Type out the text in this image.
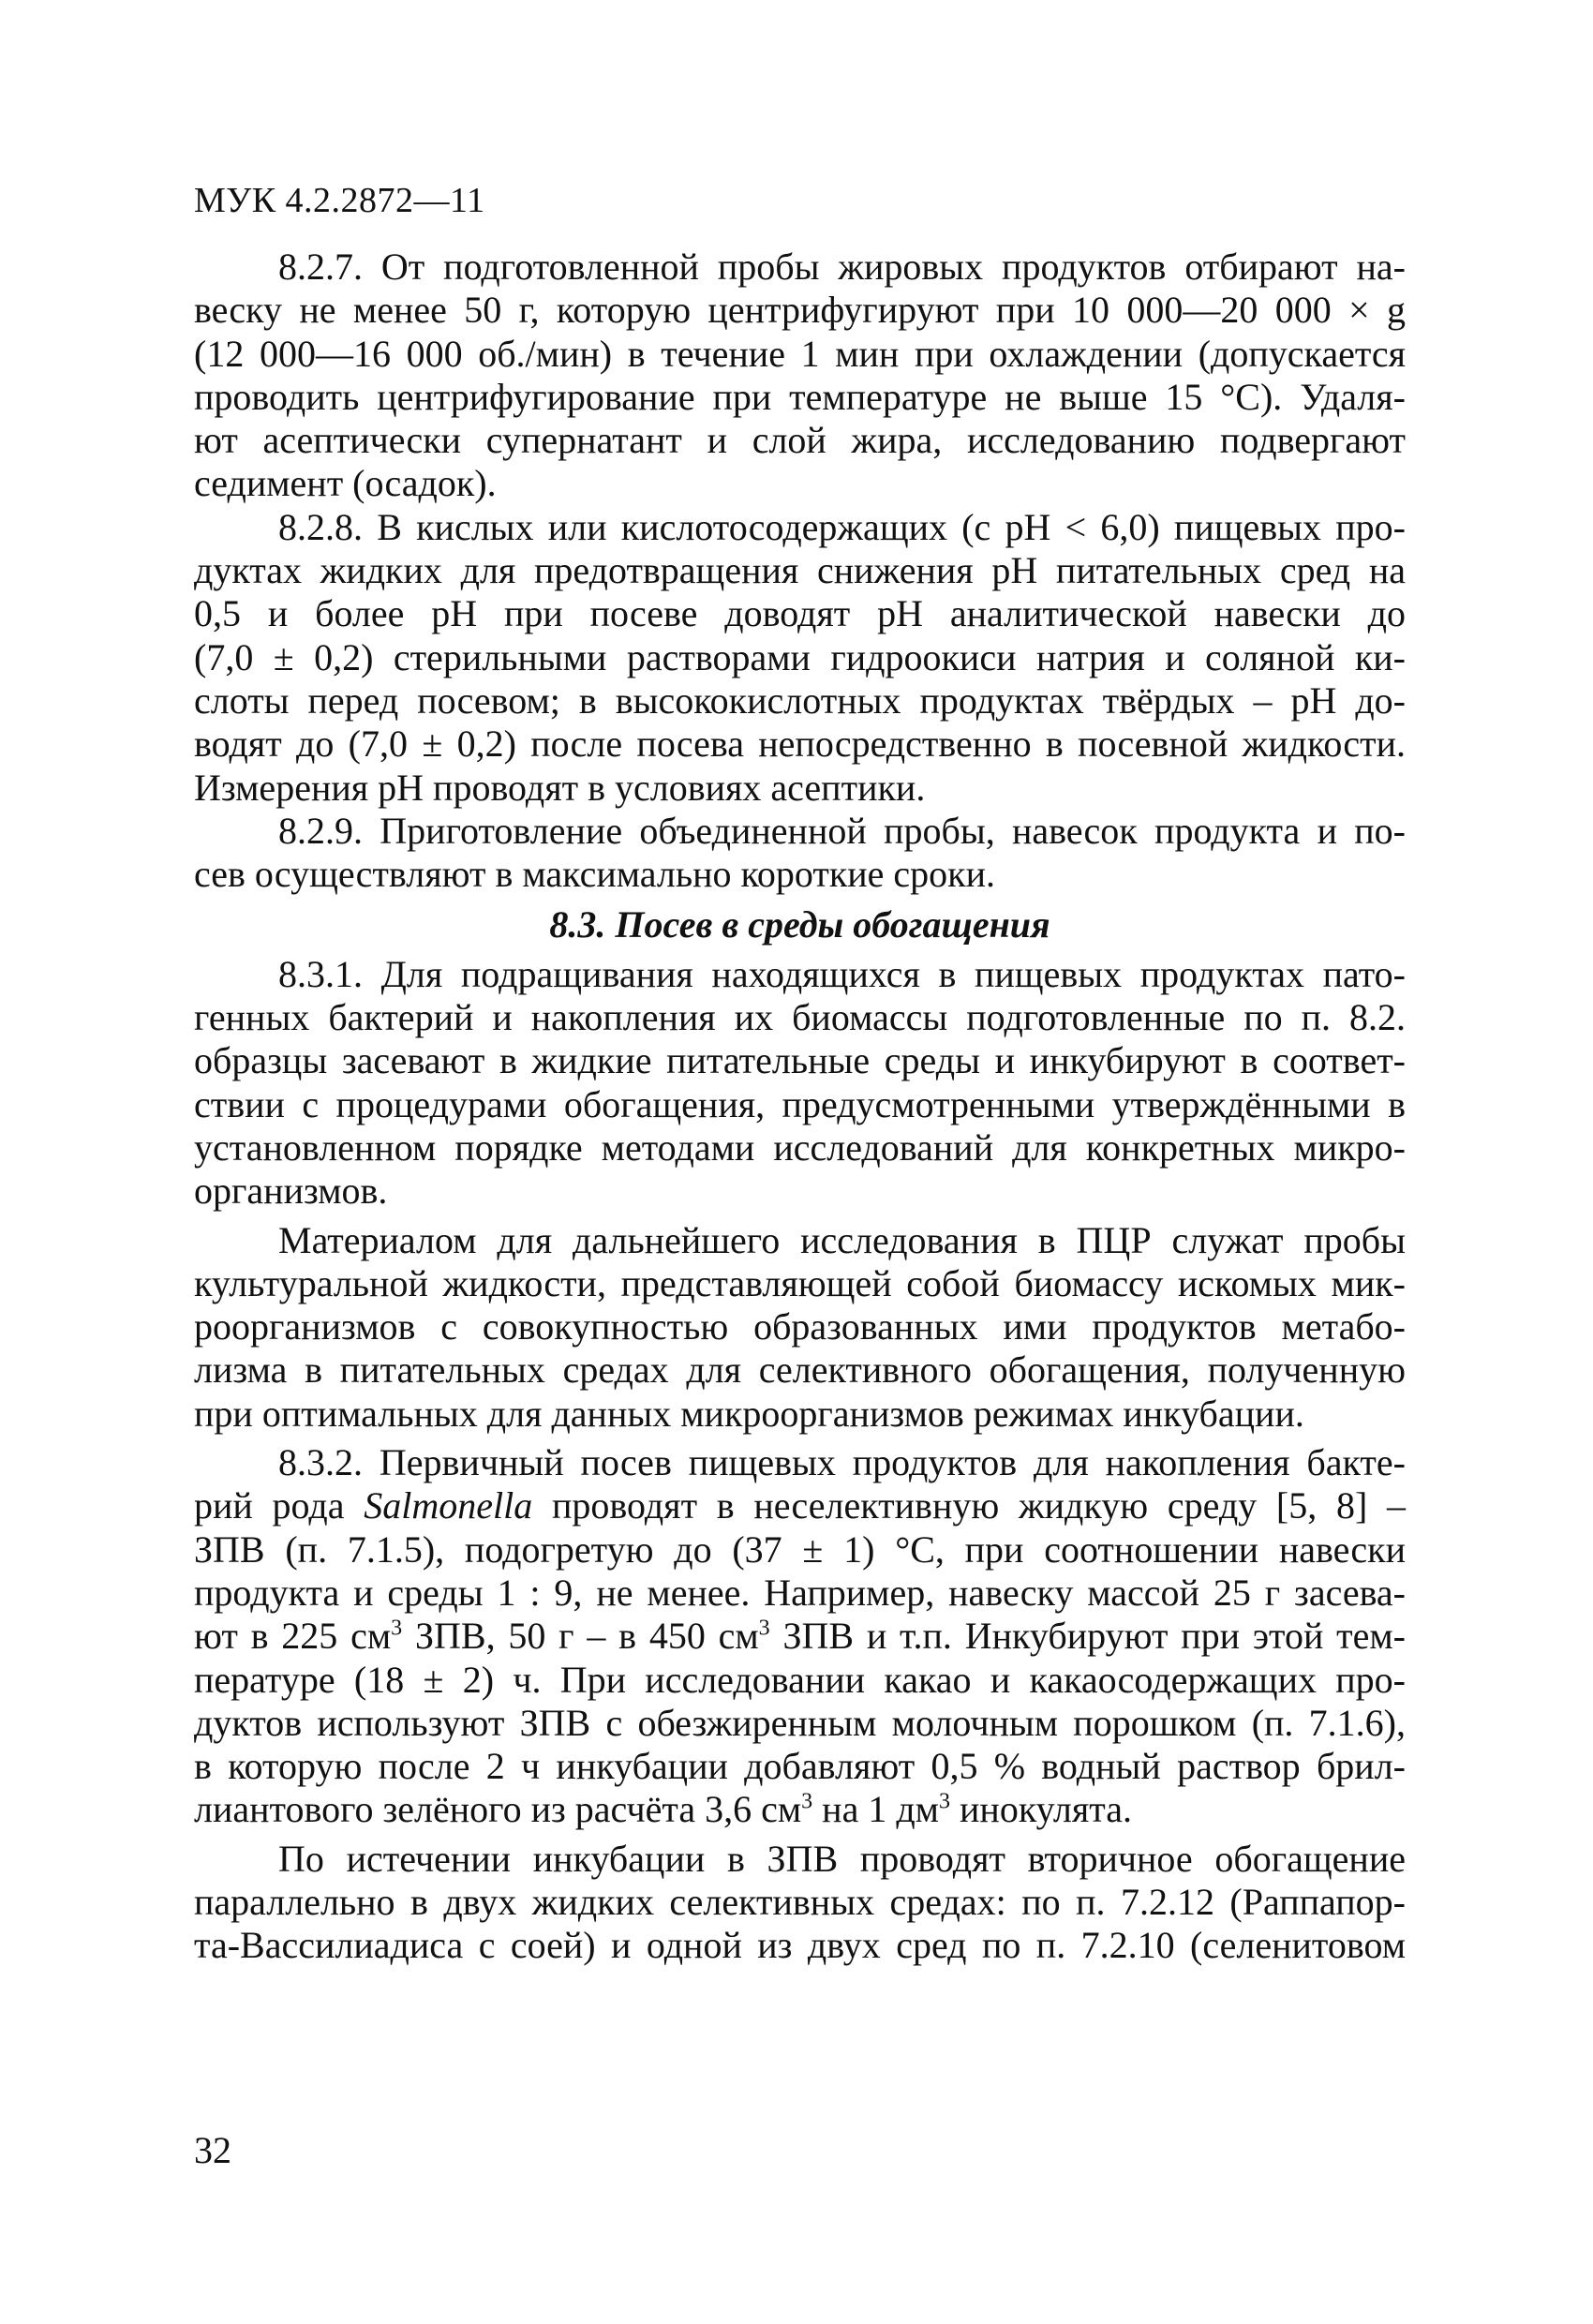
МУК 4.2.2872—11
8.2.7. От подготовленной пробы жировых продуктов отбирают на-
веску не менее 50 г, которую центрифугируют при 10 000—20 000 × g
(12 000—16 000 об./мин) в течение 1 мин при охлаждении (допускается
проводить центрифугирование при температуре не выше 15 °С). Удаля-
ют асептически супернатант и слой жира, исследованию подвергают
седимент (осадок).
8.2.8. В кислых или кислотосодержащих (с pH < 6,0) пищевых про-
дуктах жидких для предотвращения снижения pH питательных сред на
0,5 и более pH при посеве доводят pH аналитической навески до
(7,0 ± 0,2) стерильными растворами гидроокиси натрия и соляной ки-
слоты перед посевом; в высококислотных продуктах твёрдых – pH до-
водят до (7,0 ± 0,2) после посева непосредственно в посевной жидкости.
Измерения pH проводят в условиях асептики.
8.2.9. Приготовление объединенной пробы, навесок продукта и по-
сев осуществляют в максимально короткие сроки.
8.3. Посев в среды обогащения
8.3.1. Для подращивания находящихся в пищевых продуктах пато-
генных бактерий и накопления их биомассы подготовленные по п. 8.2.
образцы засевают в жидкие питательные среды и инкубируют в соответ-
ствии с процедурами обогащения, предусмотренными утверждёнными в
установленном порядке методами исследований для конкретных микро-
организмов.
Материалом для дальнейшего исследования в ПЦР служат пробы
культуральной жидкости, представляющей собой биомассу искомых мик-
роорганизмов с совокупностью образованных ими продуктов метабо-
лизма в питательных средах для селективного обогащения, полученную
при оптимальных для данных микроорганизмов режимах инкубации.
8.3.2. Первичный посев пищевых продуктов для накопления бакте-
рий рода Salmonella проводят в неселективную жидкую среду [5, 8] –
ЗПВ (п. 7.1.5), подогретую до (37 ± 1) °С, при соотношении навески
продукта и среды 1 : 9, не менее. Например, навеску массой 25 г засева-
ют в 225 $см^3$ ЗПВ, 50 г – в 450 $см^3$ ЗПВ и т.п. Инкубируют при этой тем-
пературе (18 ± 2) ч. При исследовании какао и какаосодержащих про-
дуктов используют ЗПВ с обезжиренным молочным порошком (п. 7.1.6),
в которую после 2 ч инкубации добавляют 0,5 % водный раствор брил-
лиантового зелёного из расчёта 3,6 $см^3$ на 1 $дм^3$ инокулята.
По истечении инкубации в ЗПВ проводят вторичное обогащение
параллельно в двух жидких селективных средах: по п. 7.2.12 (Раппапор-
та-Вассилиадиса с соей) и одной из двух сред по п. 7.2.10 (селенитовом
32
